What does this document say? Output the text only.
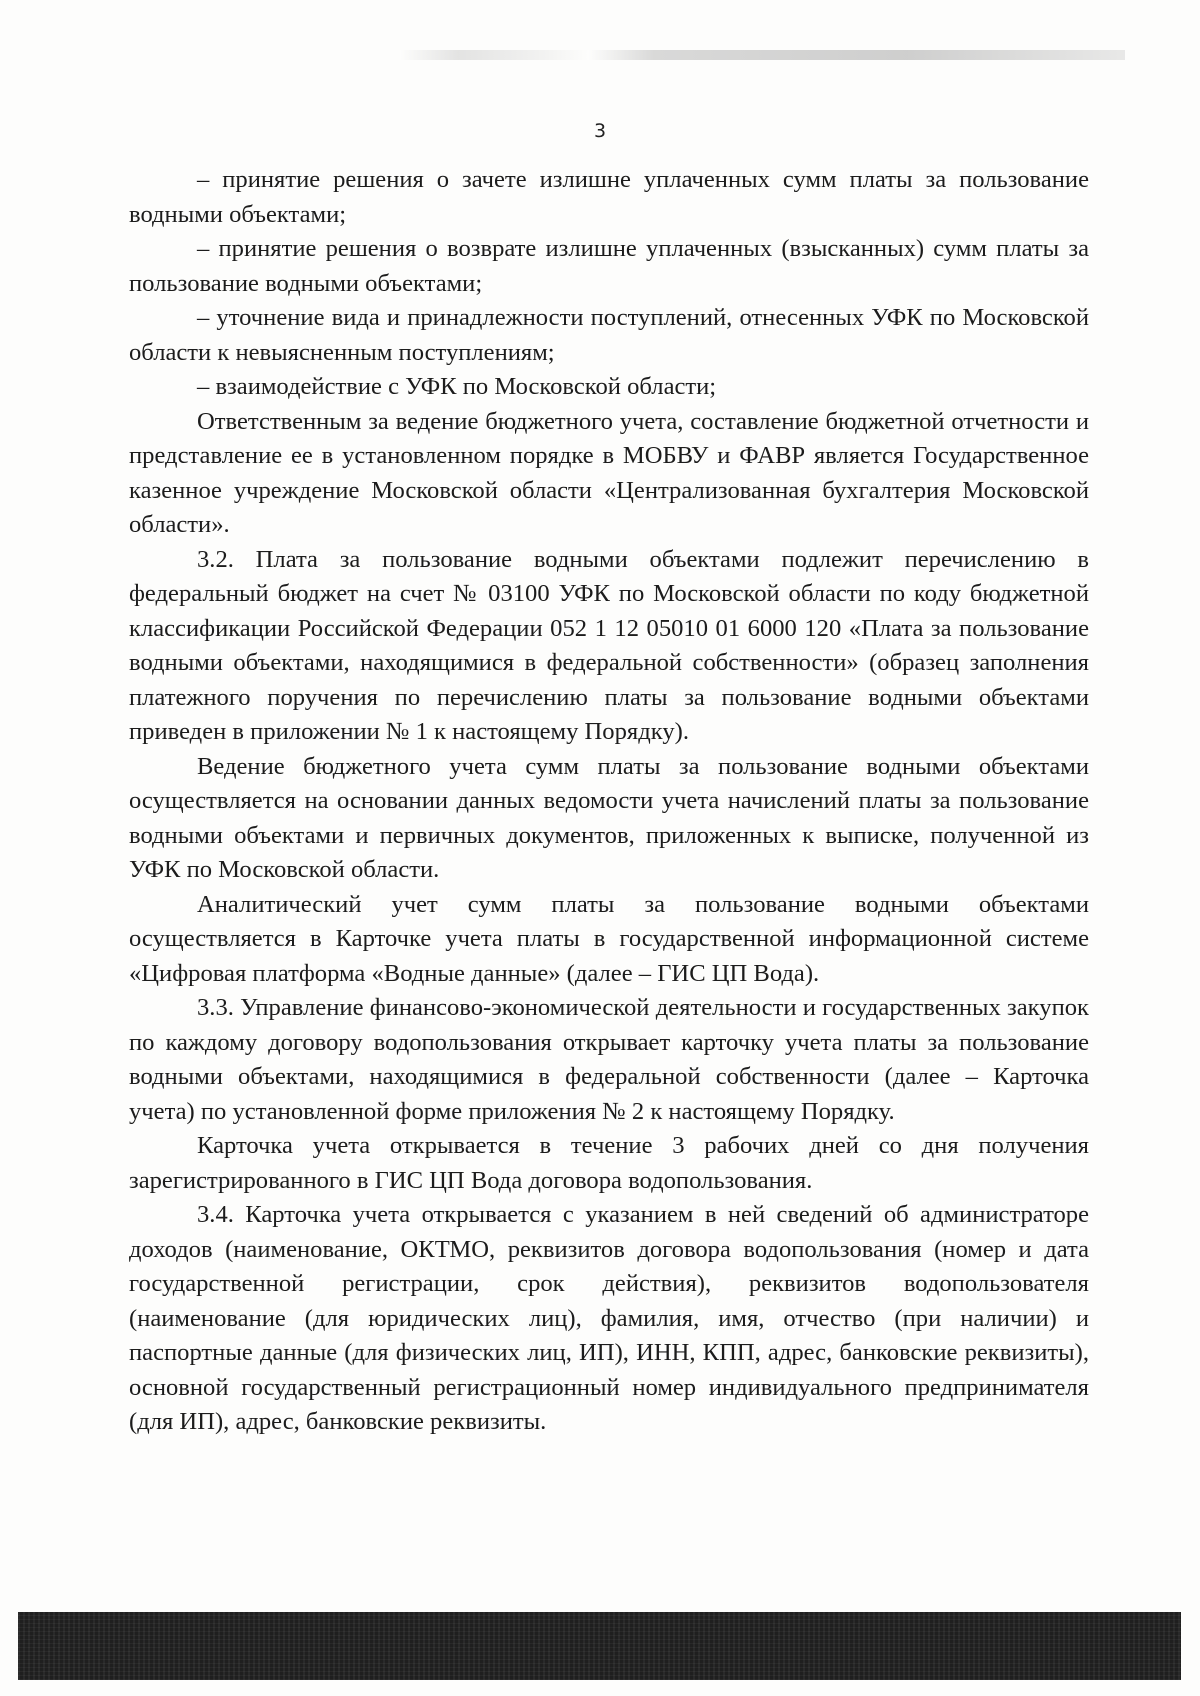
3

– принятие решения о зачете излишне уплаченных сумм платы за пользование водными объектами;

– принятие решения о возврате излишне уплаченных (взысканных) сумм платы за пользование водными объектами;

– уточнение вида и принадлежности поступлений, отнесенных УФК по Московской области к невыясненным поступлениям;

– взаимодействие с УФК по Московской области;

Ответственным за ведение бюджетного учета, составление бюджетной отчетности и представление ее в установленном порядке в МОБВУ и ФАВР является Государственное казенное учреждение Московской области «Централизованная бухгалтерия Московской области».

3.2. Плата за пользование водными объектами подлежит перечислению в федеральный бюджет на счет № 03100 УФК по Московской области по коду бюджетной классификации Российской Федерации 052 1 12 05010 01 6000 120 «Плата за пользование водными объектами, находящимися в федеральной собственности» (образец заполнения платежного поручения по перечислению платы за пользование водными объектами приведен в приложении № 1 к настоящему Порядку).

Ведение бюджетного учета сумм платы за пользование водными объектами осуществляется на основании данных ведомости учета начислений платы за пользование водными объектами и первичных документов, приложенных к выписке, полученной из УФК по Московской области.

Аналитический учет сумм платы за пользование водными объектами осуществляется в Карточке учета платы в государственной информационной системе «Цифровая платформа «Водные данные» (далее – ГИС ЦП Вода).

3.3. Управление финансово-экономической деятельности и государственных закупок по каждому договору водопользования открывает карточку учета платы за пользование водными объектами, находящимися в федеральной собственности (далее – Карточка учета) по установленной форме приложения № 2 к настоящему Порядку.

Карточка учета открывается в течение 3 рабочих дней со дня получения зарегистрированного в ГИС ЦП Вода договора водопользования.

3.4. Карточка учета открывается с указанием в ней сведений об администраторе доходов (наименование, ОКТМО, реквизитов договора водопользования (номер и дата государственной регистрации, срок действия), реквизитов водопользователя (наименование (для юридических лиц), фамилия, имя, отчество (при наличии) и паспортные данные (для физических лиц, ИП), ИНН, КПП, адрес, банковские реквизиты), основной государственный регистрационный номер индивидуального предпринимателя (для ИП), адрес, банковские реквизиты.
